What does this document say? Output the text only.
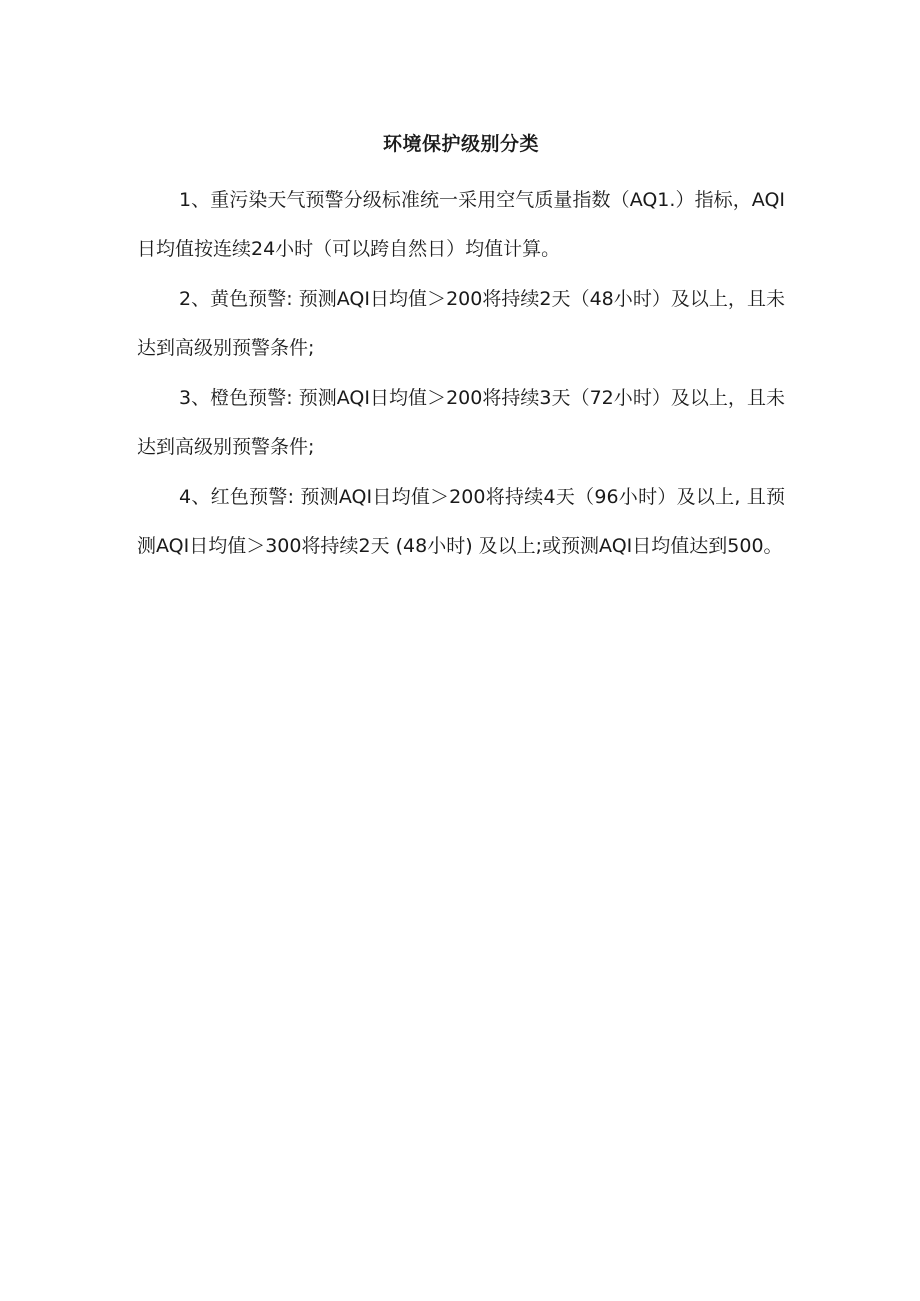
环境保护级别分类

1、重污染天气预警分级标准统一采用空气质量指数（AQ1.）指标，AQI日均值按连续24小时（可以跨自然日）均值计算。

2、黄色预警: 预测AQI日均值＞200将持续2天（48小时）及以上，且未达到高级别预警条件;

3、橙色预警: 预测AQI日均值＞200将持续3天（72小时）及以上，且未达到高级别预警条件;

4、红色预警: 预测AQI日均值＞200将持续4天（96小时）及以上, 且预测AQI日均值＞300将持续2天 (48小时) 及以上;或预测AQI日均值达到500。
